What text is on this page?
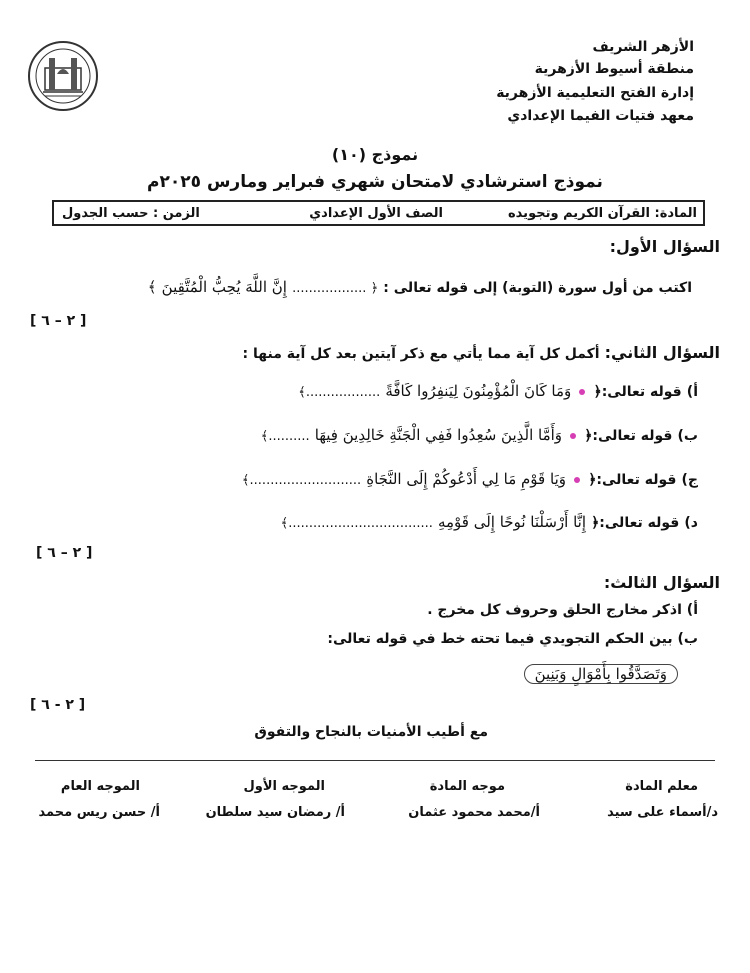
الأزهر الشريف
منطقة أسيوط الأزهرية
إدارة الفتح التعليمية الأزهرية
معهد فتيات الفيما الإعدادي
نموذج (١٠)
نموذج استرشادي لامتحان شهري فبراير ومارس ٢٠٢٥م
المادة: القرآن الكريم وتجويده
الصف الأول الإعدادي
الزمن : حسب الجدول
السؤال الأول:
اكتب من أول سورة (التوبة) إلى قوله تعالى : ﴿ .................. إِنَّ اللَّهَ يُحِبُّ الْمُتَّقِينَ ﴾
[ ٢ – ٦ ]
السؤال الثاني: أكمل كل آية مما يأتي مع ذكر آيتين بعد كل آية منها :
أ) قوله تعالى:﴿  وَمَا كَانَ الْمُؤْمِنُونَ لِيَنفِرُوا كَافَّةً ..................﴾
ب) قوله تعالى:﴿  وَأَمَّا الَّذِينَ سُعِدُوا فَفِي الْجَنَّةِ خَالِدِينَ فِيهَا ..........﴾
ج) قوله تعالى:﴿  وَيَا قَوْمِ مَا لِي أَدْعُوكُمْ إِلَى النَّجَاةِ ...........................﴾
د) قوله تعالى:﴿ إِنَّا أَرْسَلْنَا نُوحًا إِلَى قَوْمِهِ ...................................﴾
[ ٢ – ٦ ]
السؤال الثالث:
أ) اذكر مخارج الحلق وحروف كل مخرج .
ب) بين الحكم التجويدي فيما تحته خط في قوله تعالى:
وَتَصَدَّقُوا بِأَمْوَالٍ وَبَنِينَ
[ ٢ - ٦ ]
مع أطيب الأمنيات بالنجاح والتفوق
معلم المادة
د/أسماء على سيد
موجه المادة
أ/محمد محمود عثمان
الموجه الأول
أ/ رمضان سيد سلطان
الموجه العام
أ/ حسن ريس محمد
